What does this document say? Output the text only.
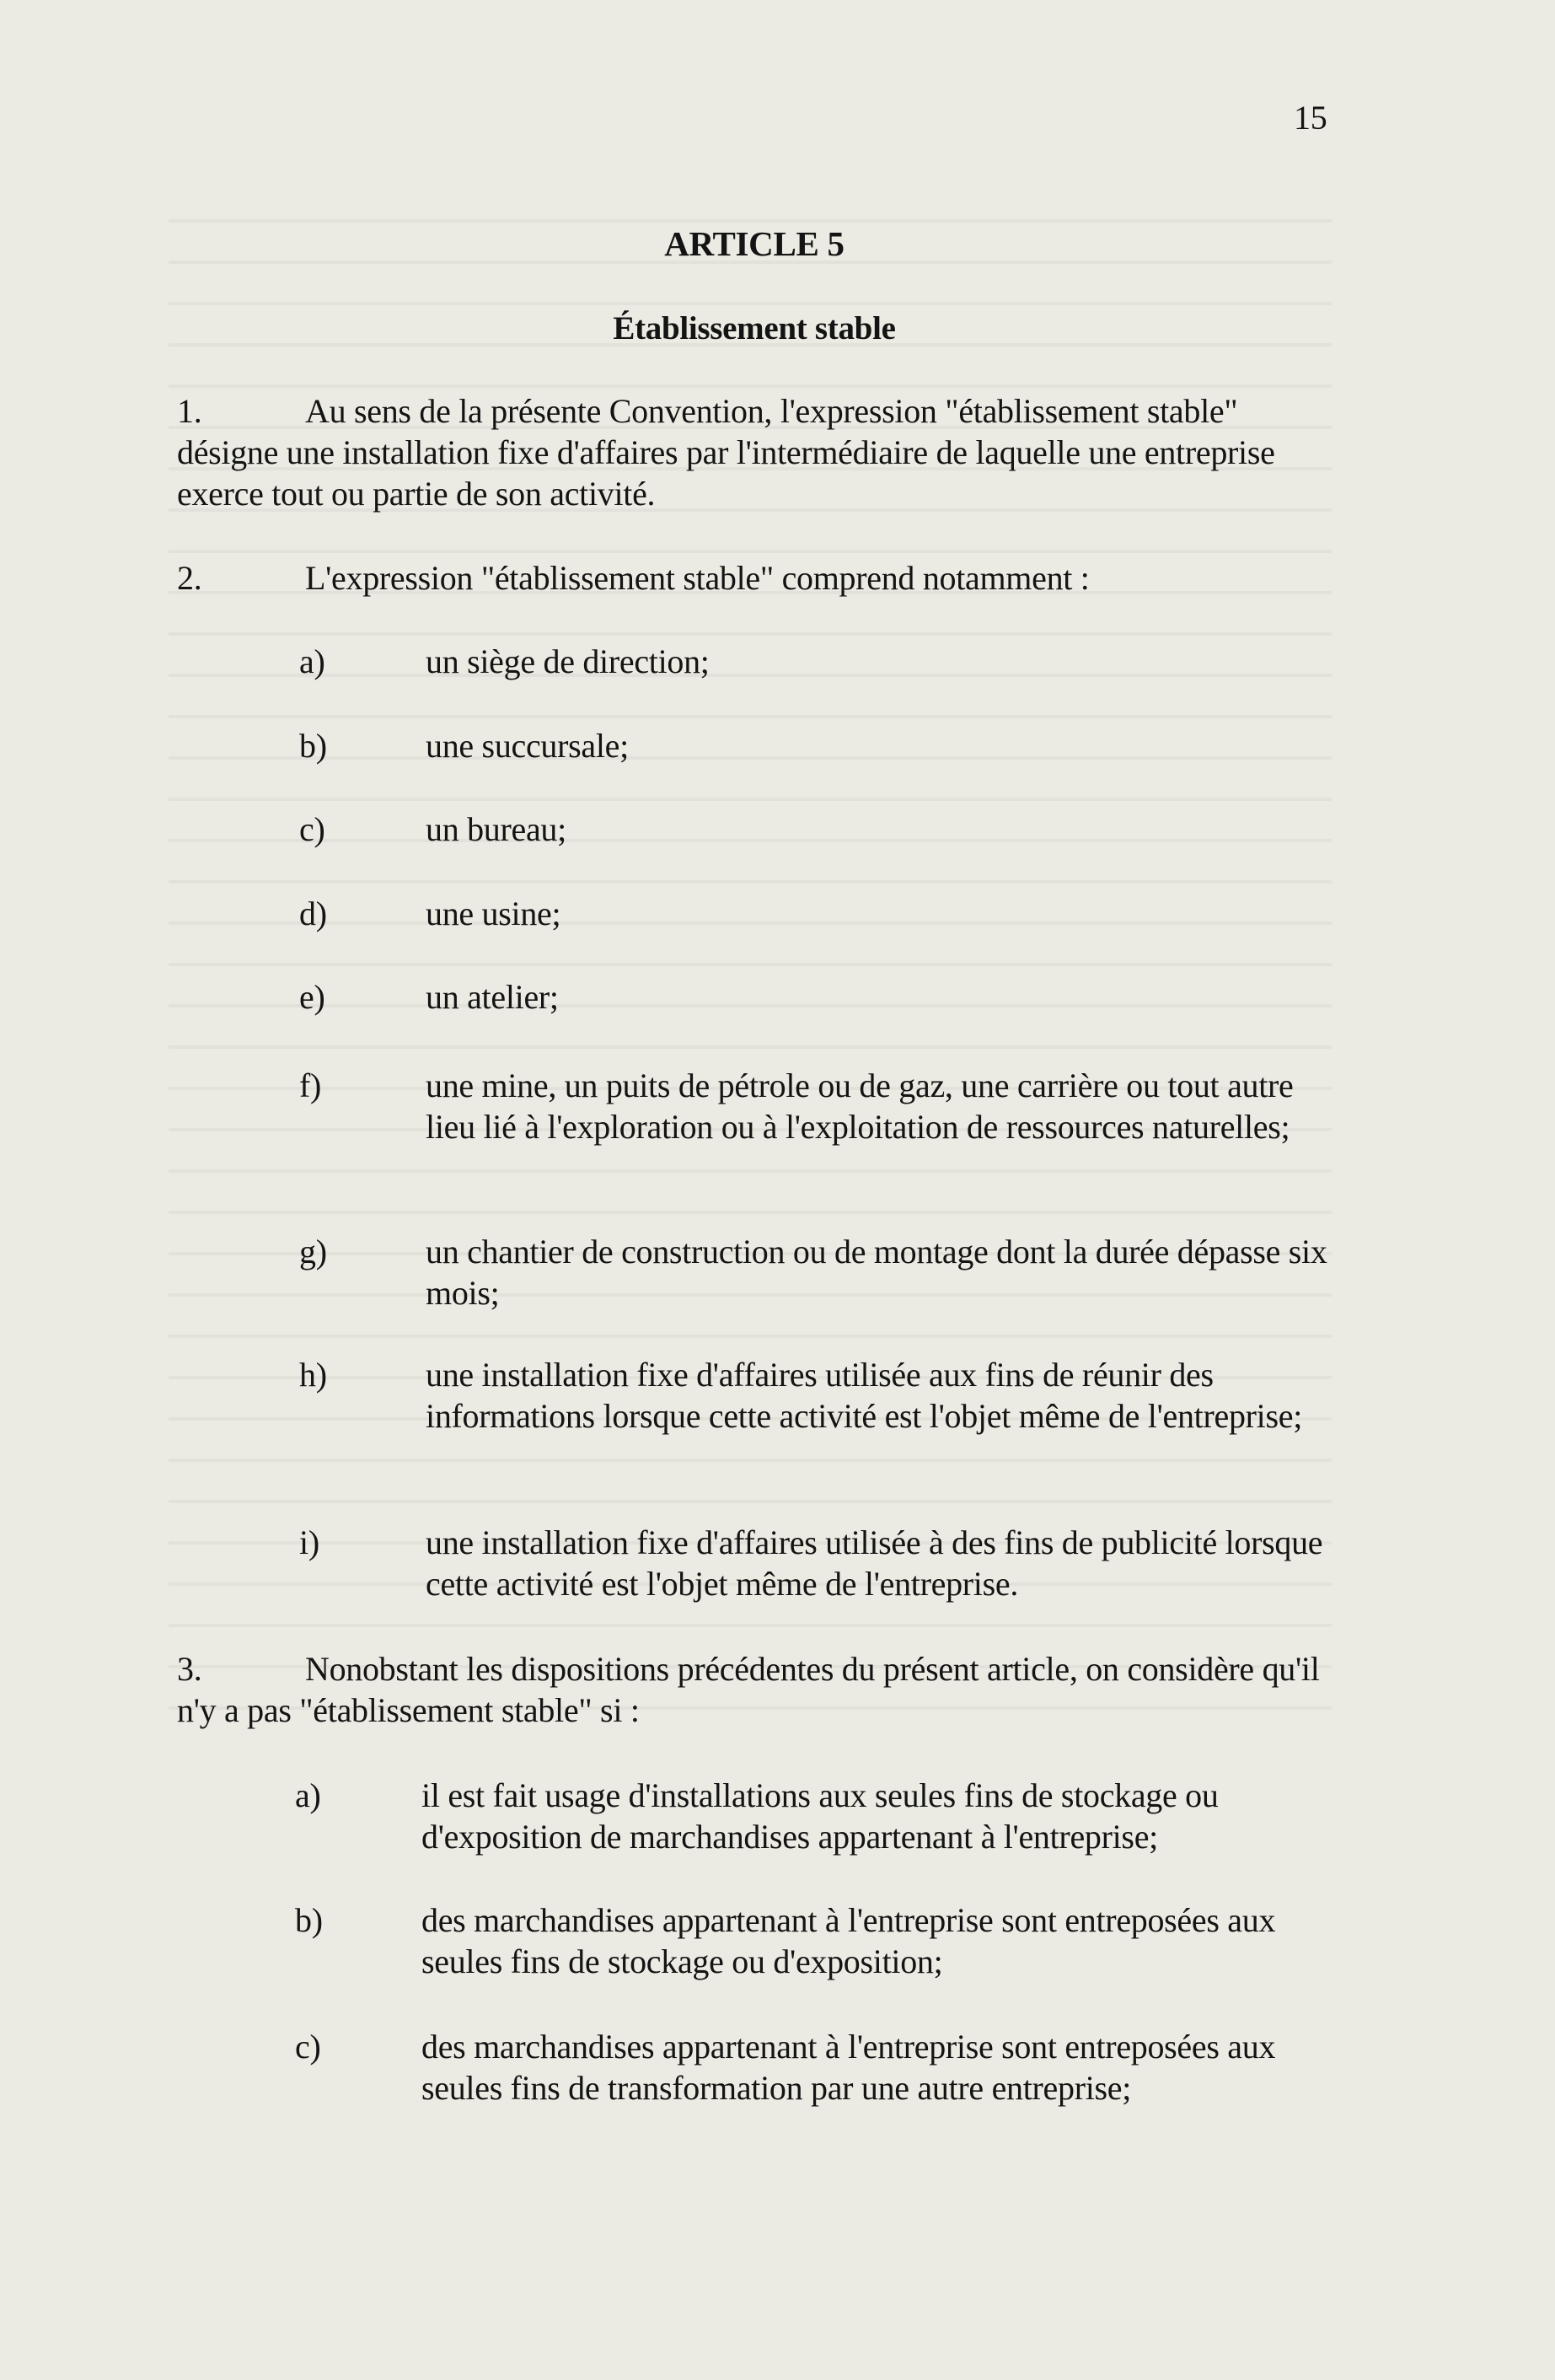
15
ARTICLE 5
Établissement stable
1.	Au sens de la présente Convention, l'expression "établissement stable" désigne une installation fixe d'affaires par l'intermédiaire de laquelle une entreprise exerce tout ou partie de son activité.
2.	L'expression "établissement stable" comprend notamment :
a)	un siège de direction;
b)	une succursale;
c)	un bureau;
d)	une usine;
e)	un atelier;
f)	une mine, un puits de pétrole ou de gaz, une carrière ou tout autre lieu lié à l'exploration ou à l'exploitation de ressources naturelles;
g)	un chantier de construction ou de montage dont la durée dépasse six mois;
h)	une installation fixe d'affaires utilisée aux fins de réunir des informations lorsque cette activité est l'objet même de l'entreprise;
i)	une installation fixe d'affaires utilisée à des fins de publicité lorsque cette activité est l'objet même de l'entreprise.
3.	Nonobstant les dispositions précédentes du présent article, on considère qu'il n'y a pas "établissement stable" si :
a)	il est fait usage d'installations aux seules fins de stockage ou d'exposition de marchandises appartenant à l'entreprise;
b)	des marchandises appartenant à l'entreprise sont entreposées aux seules fins de stockage ou d'exposition;
c)	des marchandises appartenant à l'entreprise sont entreposées aux seules fins de transformation par une autre entreprise;
